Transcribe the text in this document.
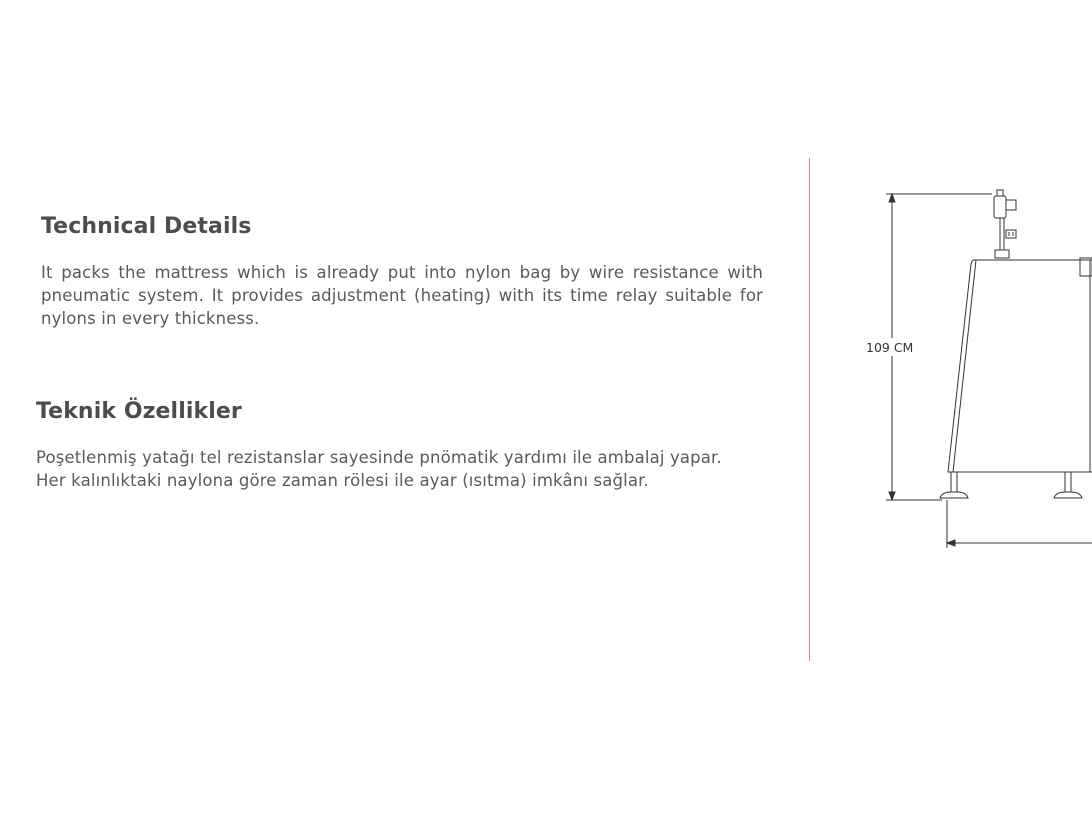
Technical Details

It packs the mattress which is already put into nylon bag by wire resistance with pneumatic system. It provides adjustment (heating) with its time relay suitable for nylons in every thickness.

Teknik Özellikler

Poşetlenmiş yatağı tel rezistanslar sayesinde pnömatik yardımı ile ambalaj yapar.
Her kalınlıktaki naylona göre zaman rölesi ile ayar (ısıtma) imkânı sağlar.

109 CM
